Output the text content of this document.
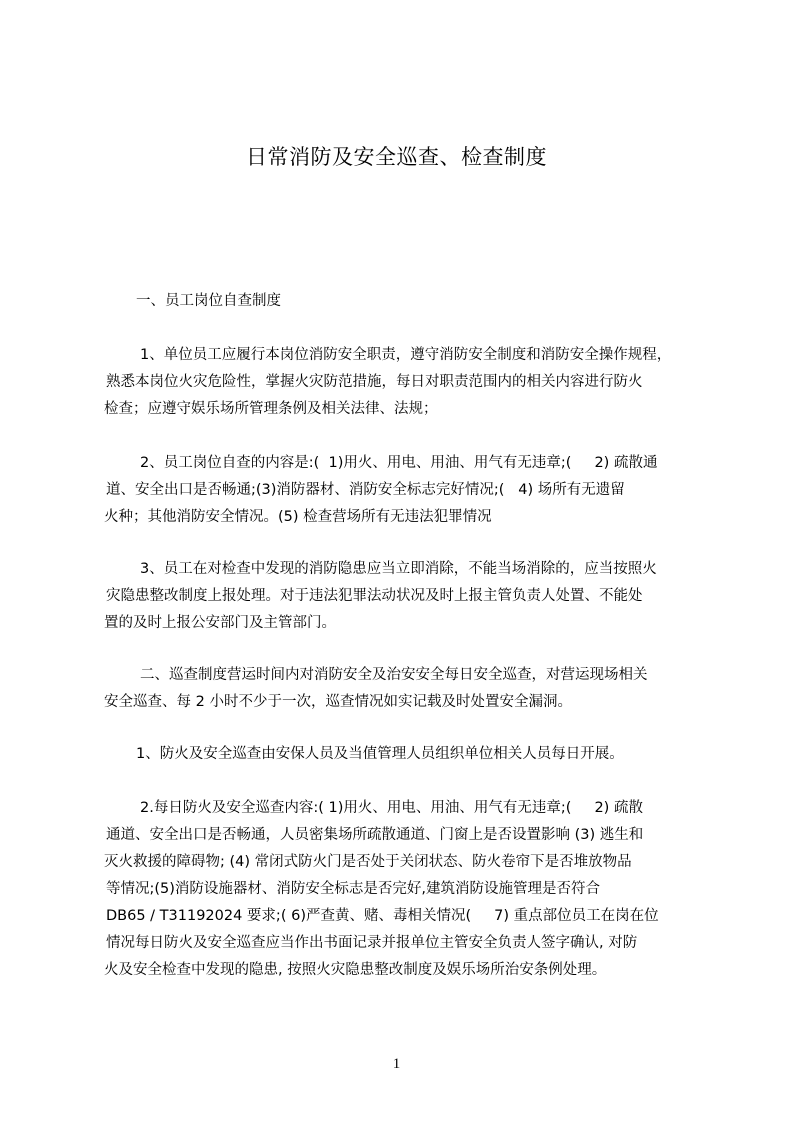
日常消防及安全巡查、检查制度
一、员工岗位自查制度
1、单位员工应履行本岗位消防安全职责，遵守消防安全制度和消防安全操作规程，
熟悉本岗位火灾危险性，掌握火灾防范措施，每日对职责范围内的相关内容进行防火
检查；应遵守娱乐场所管理条例及相关法律、法规；
2、员工岗位自查的内容是:(  1)用火、用电、用油、用气有无违章;(     2) 疏散通
道、安全出口是否畅通;(3)消防器材、消防安全标志完好情况;(   4) 场所有无遗留
火种；其他消防安全情况。(5) 检查营场所有无违法犯罪情况
3、员工在对检查中发现的消防隐患应当立即消除，不能当场消除的，应当按照火
灾隐患整改制度上报处理。对于违法犯罪法动状况及时上报主管负责人处置、不能处
置的及时上报公安部门及主管部门。
二、巡查制度营运时间内对消防安全及治安安全每日安全巡查，对营运现场相关
安全巡查、每 2 小时不少于一次，巡查情况如实记载及时处置安全漏洞。
1、防火及安全巡查由安保人员及当值管理人员组织单位相关人员每日开展。
2.每日防火及安全巡查内容:( 1)用火、用电、用油、用气有无违章;(     2) 疏散
通道、安全出口是否畅通，人员密集场所疏散通道、门窗上是否设置影响 (3) 逃生和
灭火救援的障碍物; (4) 常闭式防火门是否处于关闭状态、防火卷帘下是否堆放物品
等情况;(5)消防设施器材、消防安全标志是否完好,建筑消防设施管理是否符合
DB65 / T31192024 要求;( 6)严查黄、赌、毒相关情况(     7) 重点部位员工在岗在位
情况每日防火及安全巡查应当作出书面记录并报单位主管安全负责人签字确认, 对防
火及安全检查中发现的隐患, 按照火灾隐患整改制度及娱乐场所治安条例处理。
1
